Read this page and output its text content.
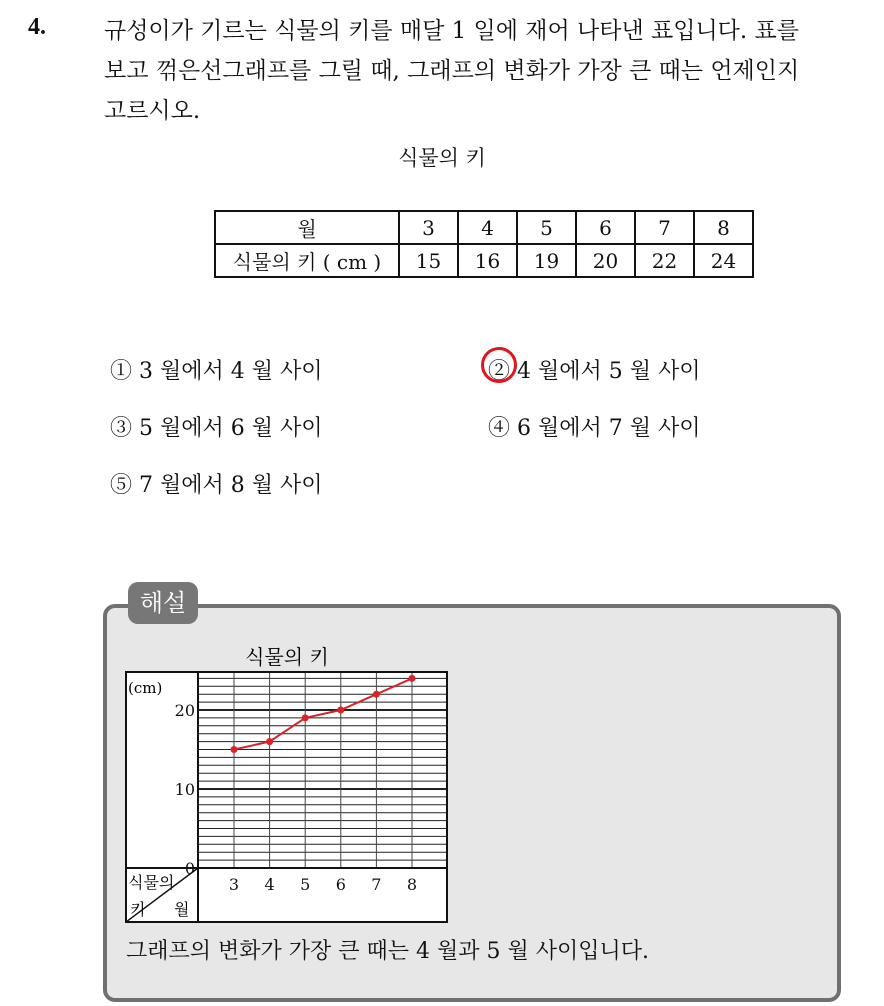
4.	규성이가 기르는 식물의 키를 매달 1 일에 재어 나타낸 표입니다. 표를
보고 꺾은선그래프를 그릴 때, 그래프의 변화가 가장 큰 때는 언제인지
고르시오.
식물의 키
월	3	4	5	6	7	8
식물의 키 ( cm )	15	16	19	20	22	24
① 3 월에서 4 월 사이	② 4 월에서 5 월 사이
③ 5 월에서 6 월 사이	④ 6 월에서 7 월 사이
⑤ 7 월에서 8 월 사이
해설
식물의 키
(cm)
식물의
키 월
0
10
20
3 4 5 6 7 8
그래프의 변화가 가장 큰 때는 4 월과 5 월 사이입니다.
